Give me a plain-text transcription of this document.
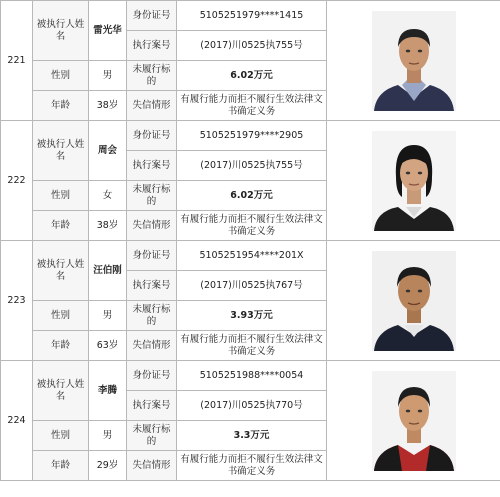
221	被执行人姓名	雷光华	身份证号	5105251979****1415	

			执行案号	(2017)川0525执755号	
	性别	男	未履行标的	6.02万元	
	年龄	38岁	失信情形	有履行能力而拒不履行生效法律文书确定义务	
222	被执行人姓名	周会	身份证号	5105251979****2905	

			执行案号	(2017)川0525执755号	
	性别	女	未履行标的	6.02万元	
	年龄	38岁	失信情形	有履行能力而拒不履行生效法律文书确定义务	
223	被执行人姓名	汪伯刚	身份证号	5105251954****201X	

			执行案号	(2017)川0525执767号	
	性别	男	未履行标的	3.93万元	
	年龄	63岁	失信情形	有履行能力而拒不履行生效法律文书确定义务	
224	被执行人姓名	李腾	身份证号	5105251988****0054	

			执行案号	(2017)川0525执770号	
	性别	男	未履行标的	3.3万元	
	年龄	29岁	失信情形	有履行能力而拒不履行生效法律文书确定义务	
